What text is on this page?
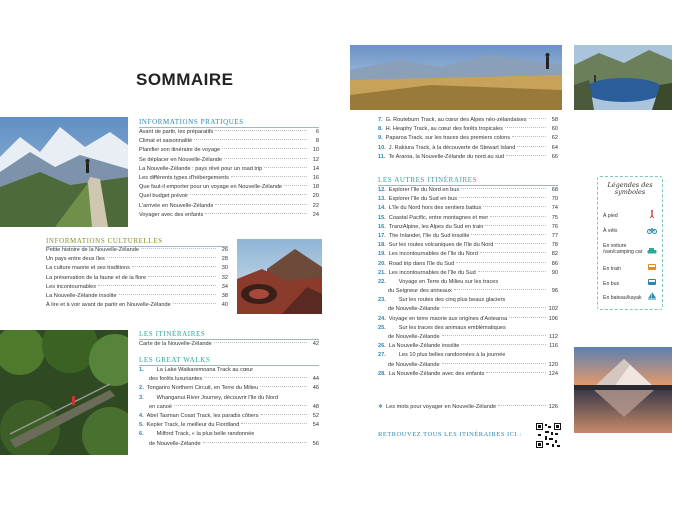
SOMMAIRE
INFORMATIONS PRATIQUES
Avant de partir, les préparatifs	6
Climat et saisonnalité	8
Planifier son itinéraire de voyage	10
Se déplacer en Nouvelle-Zélande	12
La Nouvelle-Zélande : pays rêvé pour un road trip	14
Les différents types d'hébergements	16
Que faut-il emporter pour un voyage en Nouvelle-Zélande	18
Quel budget prévoir	20
L'arrivée en Nouvelle-Zélande	22
Voyager avec des enfants	24
INFORMATIONS CULTURELLES
Petite histoire de la Nouvelle-Zélande	26
Un pays entre deux îles	28
La culture maorie et ses traditions	30
La préservation de la faune et de la flore	32
Les incontournables	34
La Nouvelle-Zélande insolite	38
À lire et à voir avant de partir en Nouvelle-Zélande	40
LES ITINÉRAIRES
Carte de la Nouvelle-Zélande	42
LES GREAT WALKS
1.	La Lake Waikaremoana Track au cœur
des forêts luxuriantes	44
2. Tongariro Northern Circuit, en Terre du Milieu	46
3.	Whanganui River Journey, découvrir l'île du Nord
en canoë	48
4. Abel Tasman Coast Track, les paradis côtiers	52
5. Kepler Track, le meilleur du Fiordland	54
6.	Milford Track, « la plus belle randonnée
de Nouvelle-Zélande	56
7. G. Routeburn Track, au cœur des Alpes néo-zélandaises	58
8. H. Heaphy Track, au cœur des forêts tropicales	60
9. Paparoa Track, sur les traces des premiers colons	62
10. J. Rakiura Track, à la découverte de Stewart Island	64
11. Te Araroa, la Nouvelle-Zélande du nord au sud	66
LES AUTRES ITINÉRAIRES
12. Explorer l'île du Nord en bus	68
13. Explorer l'île du Sud en bus	70
14. L'île du Nord hors des sentiers battus	74
15. Coastal Pacific, entre montagnes et mer	75
16. TranzAlpine, les Alpes du Sud en train	76
17. The Inlander, l'île du Sud insolite	77
18. Sur les routes volcaniques de l'île du Nord	78
19. Les incontournables de l'île du Nord	82
20. Road trip dans l'île du Sud	86
21. Les incontournables de l'île du Sud	90
22.	Voyage en Terre du Milieu sur les traces
du Seigneur des anneaux	96
23.	Sur les routes des cinq plus beaux glaciers
de Nouvelle-Zélande	102
24. Voyage en terre maorie aux origines d'Aotearoa	106
25.	Sur les traces des animaux emblématiques
de Nouvelle-Zélande	112
26. La Nouvelle-Zélande insolite	116
27.	Les 10 plus belles randonnées à la journée
de Nouvelle-Zélande	120
28. La Nouvelle-Zélande avec des enfants	124
❖ Les mots pour voyager en Nouvelle-Zélande	126
RETROUVEZ TOUS LES ITINÉRAIRES ICI :
Légendes des symboles
À pied
À vélo
En voiture /van/camping car
En train
En bus
En bateau/kayak
